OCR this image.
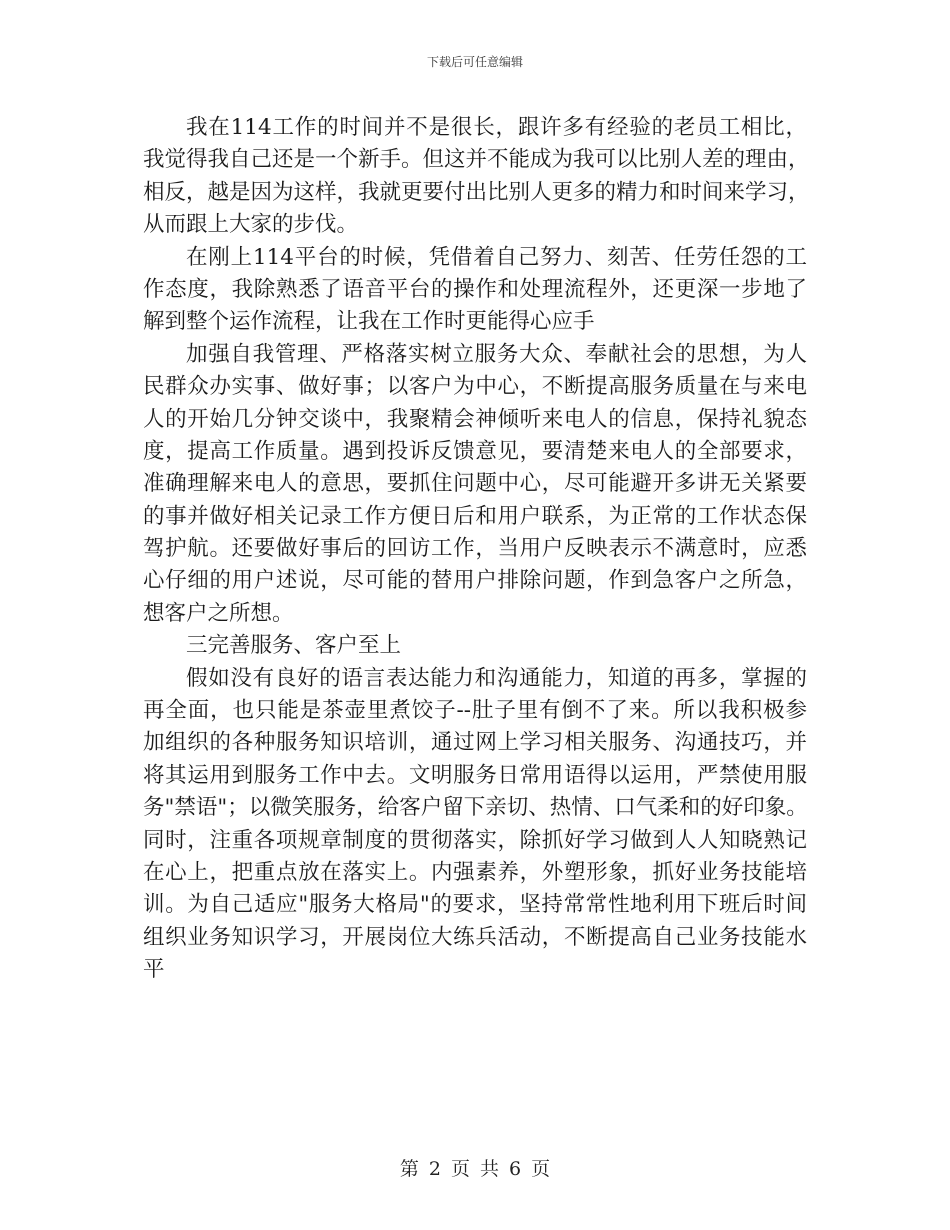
下载后可任意编辑
我在114工作的时间并不是很长，跟许多有经验的老员工相比，
我觉得我自己还是一个新手。但这并不能成为我可以比别人差的理由，
相反，越是因为这样，我就更要付出比别人更多的精力和时间来学习，
从而跟上大家的步伐。
在刚上114平台的时候，凭借着自己努力、刻苦、任劳任怨的工
作态度，我除熟悉了语音平台的操作和处理流程外，还更深一步地了
解到整个运作流程，让我在工作时更能得心应手
加强自我管理、严格落实树立服务大众、奉献社会的思想，为人
民群众办实事、做好事；以客户为中心，不断提高服务质量在与来电
人的开始几分钟交谈中，我聚精会神倾听来电人的信息，保持礼貌态
度，提高工作质量。遇到投诉反馈意见，要清楚来电人的全部要求，
准确理解来电人的意思，要抓住问题中心，尽可能避开多讲无关紧要
的事并做好相关记录工作方便日后和用户联系，为正常的工作状态保
驾护航。还要做好事后的回访工作，当用户反映表示不满意时，应悉
心仔细的用户述说，尽可能的替用户排除问题，作到急客户之所急，
想客户之所想。
三完善服务、客户至上
假如没有良好的语言表达能力和沟通能力，知道的再多，掌握的
再全面，也只能是茶壶里煮饺子--肚子里有倒不了来。所以我积极参
加组织的各种服务知识培训，通过网上学习相关服务、沟通技巧，并
将其运用到服务工作中去。文明服务日常用语得以运用，严禁使用服
务"禁语"；以微笑服务，给客户留下亲切、热情、口气柔和的好印象。
同时，注重各项规章制度的贯彻落实，除抓好学习做到人人知晓熟记
在心上，把重点放在落实上。内强素养，外塑形象，抓好业务技能培
训。为自己适应"服务大格局"的要求，坚持常常性地利用下班后时间
组织业务知识学习，开展岗位大练兵活动，不断提高自己业务技能水
平
第 2 页 共 6 页
